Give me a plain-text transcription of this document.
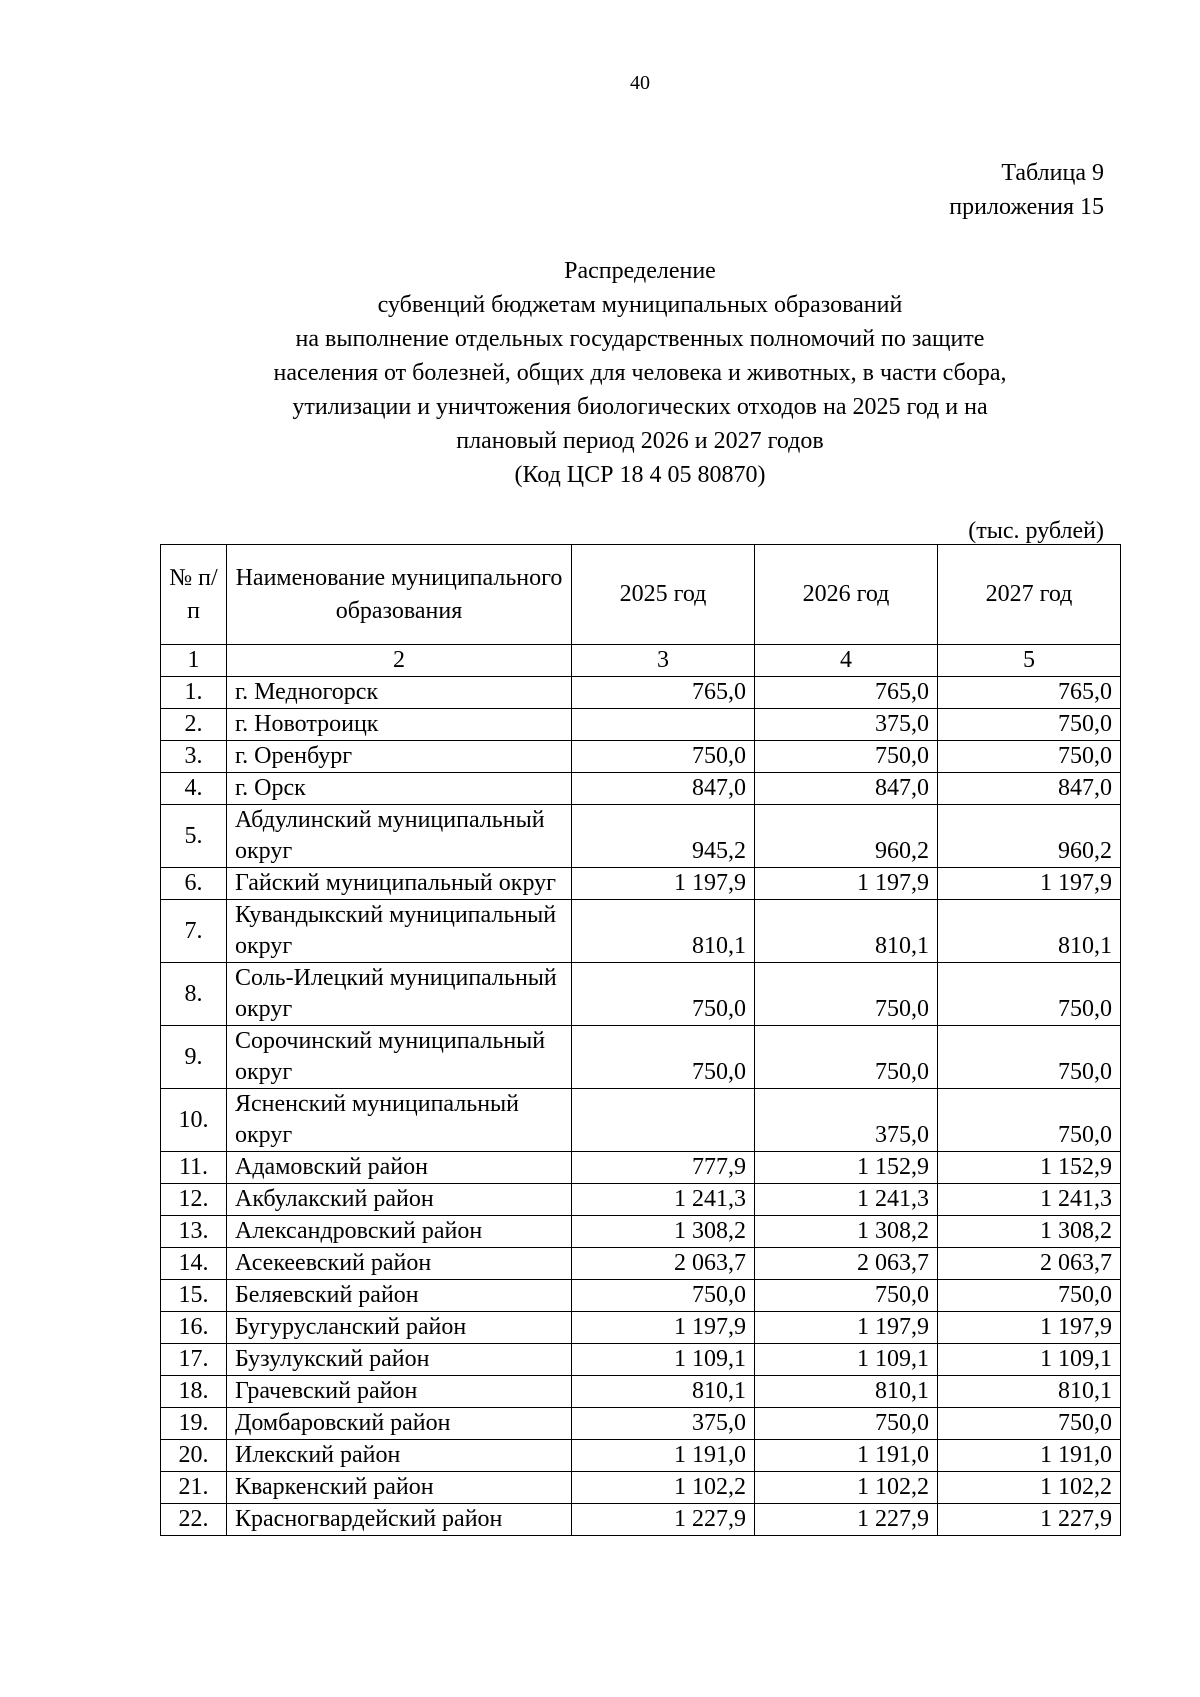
40
Таблица 9
приложения 15
Распределение
субвенций бюджетам муниципальных образований
на выполнение отдельных государственных полномочий по защите
населения от болезней, общих для человека и животных, в части сбора,
утилизации и уничтожения биологических отходов на 2025 год и на
плановый период 2026 и 2027 годов
(Код ЦСР 18 4 05 80870)
(тыс. рублей)
№ п/п	Наименование муниципального образования	2025 год	2026 год	2027 год
1	2	3	4	5
1.	г. Медногорск	765,0	765,0	765,0
2.	г. Новотроицк		375,0	750,0
3.	г. Оренбург	750,0	750,0	750,0
4.	г. Орск	847,0	847,0	847,0
5.	Абдулинский муниципальный округ	945,2	960,2	960,2
6.	Гайский муниципальный округ	1 197,9	1 197,9	1 197,9
7.	Кувандыкский муниципальный округ	810,1	810,1	810,1
8.	Соль-Илецкий муниципальный округ	750,0	750,0	750,0
9.	Сорочинский муниципальный округ	750,0	750,0	750,0
10.	Ясненский муниципальный округ		375,0	750,0
11.	Адамовский район	777,9	1 152,9	1 152,9
12.	Акбулакский район	1 241,3	1 241,3	1 241,3
13.	Александровский район	1 308,2	1 308,2	1 308,2
14.	Асекеевский район	2 063,7	2 063,7	2 063,7
15.	Беляевский район	750,0	750,0	750,0
16.	Бугурусланский район	1 197,9	1 197,9	1 197,9
17.	Бузулукский район	1 109,1	1 109,1	1 109,1
18.	Грачевский район	810,1	810,1	810,1
19.	Домбаровский район	375,0	750,0	750,0
20.	Илекский район	1 191,0	1 191,0	1 191,0
21.	Кваркенский район	1 102,2	1 102,2	1 102,2
22.	Красногвардейский район	1 227,9	1 227,9	1 227,9
